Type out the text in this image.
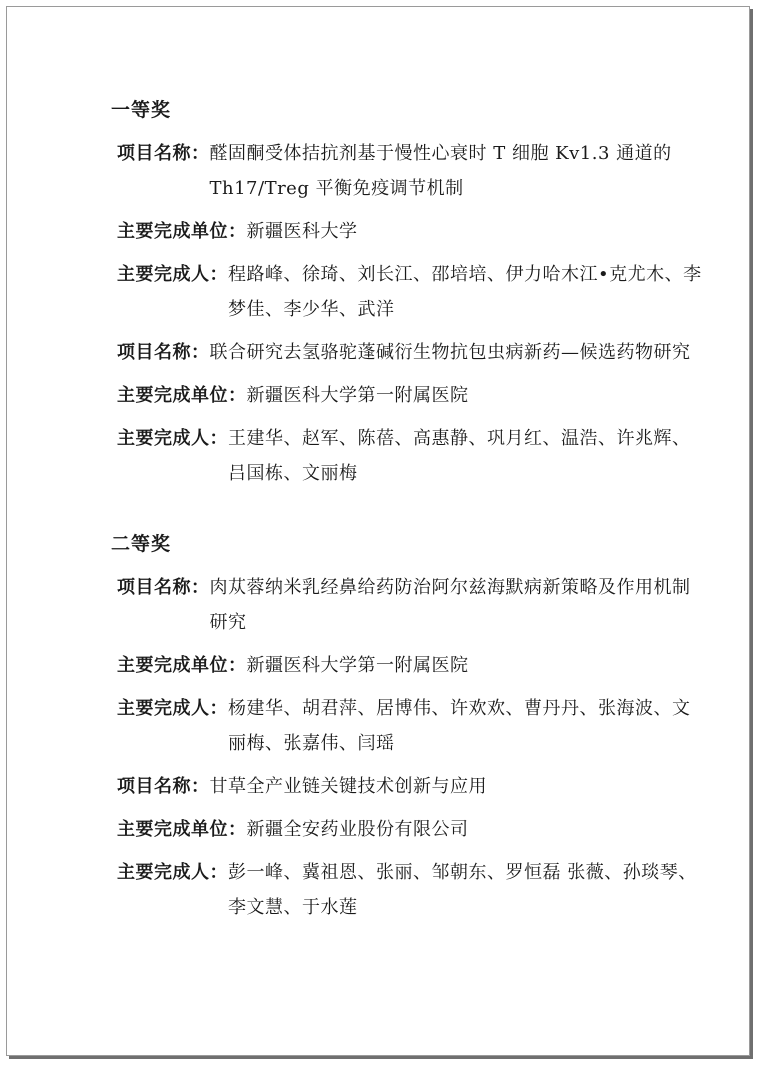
一等奖
项目名称： 醛固酮受体拮抗剂基于慢性心衰时 T 细胞 Kv1.3 通道的 Th17/Treg 平衡免疫调节机制
主要完成单位： 新疆医科大学
主要完成人： 程路峰、徐琦、刘长江、邵培培、伊力哈木江•克尤木、李梦佳、李少华、武洋
项目名称： 联合研究去氢骆驼蓬碱衍生物抗包虫病新药—候选药物研究
主要完成单位： 新疆医科大学第一附属医院
主要完成人： 王建华、赵军、陈蓓、高惠静、巩月红、温浩、许兆辉、吕国栋、文丽梅
二等奖
项目名称： 肉苁蓉纳米乳经鼻给药防治阿尔兹海默病新策略及作用机制研究
主要完成单位： 新疆医科大学第一附属医院
主要完成人： 杨建华、胡君萍、居博伟、许欢欢、曹丹丹、张海波、文丽梅、张嘉伟、闫瑶
项目名称： 甘草全产业链关键技术创新与应用
主要完成单位： 新疆全安药业股份有限公司
主要完成人： 彭一峰、冀祖恩、张丽、邹朝东、罗恒磊 张薇、孙琰琴、李文慧、于水莲
